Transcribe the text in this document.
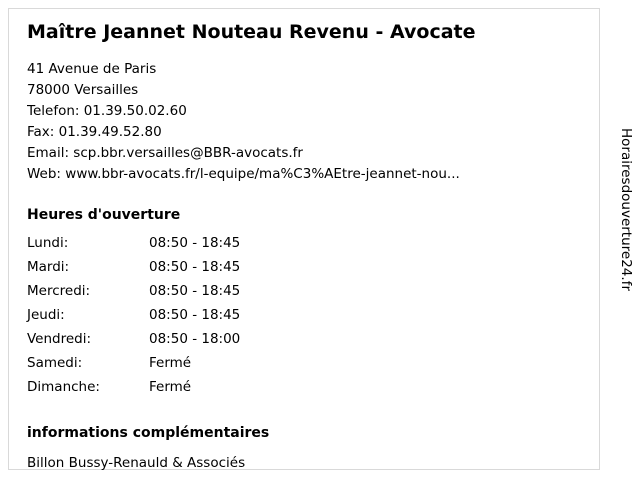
Maître Jeannet Nouteau Revenu - Avocate
41 Avenue de Paris
78000 Versailles
Telefon: 01.39.50.02.60
Fax: 01.39.49.52.80
Email: scp.bbr.versailles@BBR-avocats.fr
Web: www.bbr-avocats.fr/l-equipe/ma%C3%AEtre-jeannet-nou...
Heures d'ouverture
Lundi:	08:50 - 18:45
Mardi:	08:50 - 18:45
Mercredi:	08:50 - 18:45
Jeudi:	08:50 - 18:45
Vendredi:	08:50 - 18:00
Samedi:	Fermé
Dimanche:	Fermé
informations complémentaires
Billon Bussy-Renauld & Associés
Horairesdouverture24.fr
